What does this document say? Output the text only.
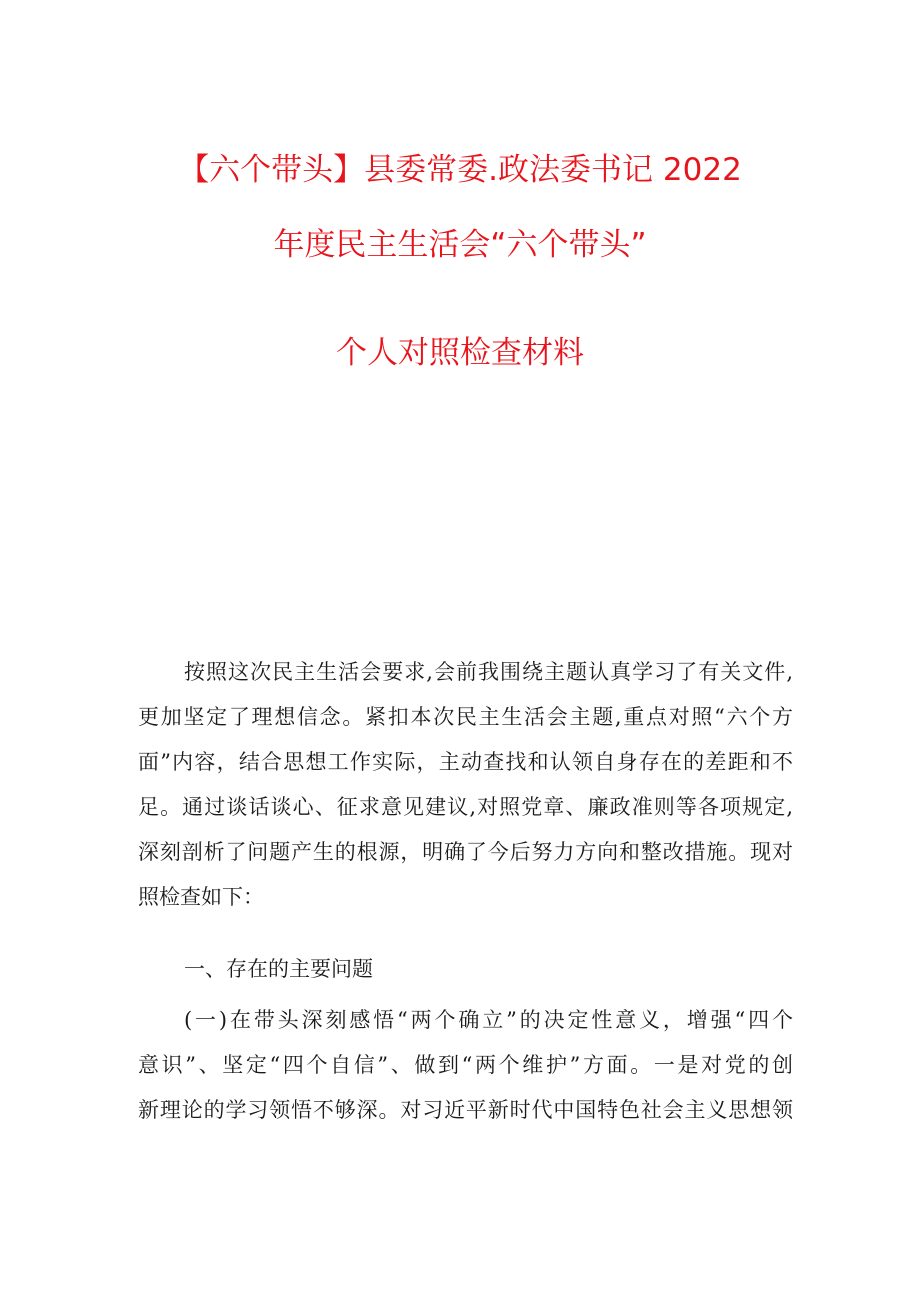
【六个带头】县委常委.政法委书记 2022
年度民主生活会“六个带头”
个人对照检查材料
按照这次民主生活会要求,会前我围绕主题认真学习了有关文件,
更加坚定了理想信念。紧扣本次民主生活会主题,重点对照“六个方
面”内容，结合思想工作实际，主动查找和认领自身存在的差距和不
足。通过谈话谈心、征求意见建议,对照党章、廉政准则等各项规定,
深刻剖析了问题产生的根源，明确了今后努力方向和整改措施。现对
照检查如下：
一、存在的主要问题
(一)在带头深刻感悟“两个确立”的决定性意义，增强“四个
意识”、坚定“四个自信”、做到“两个维护”方面。一是对党的创
新理论的学习领悟不够深。对习近平新时代中国特色社会主义思想领
